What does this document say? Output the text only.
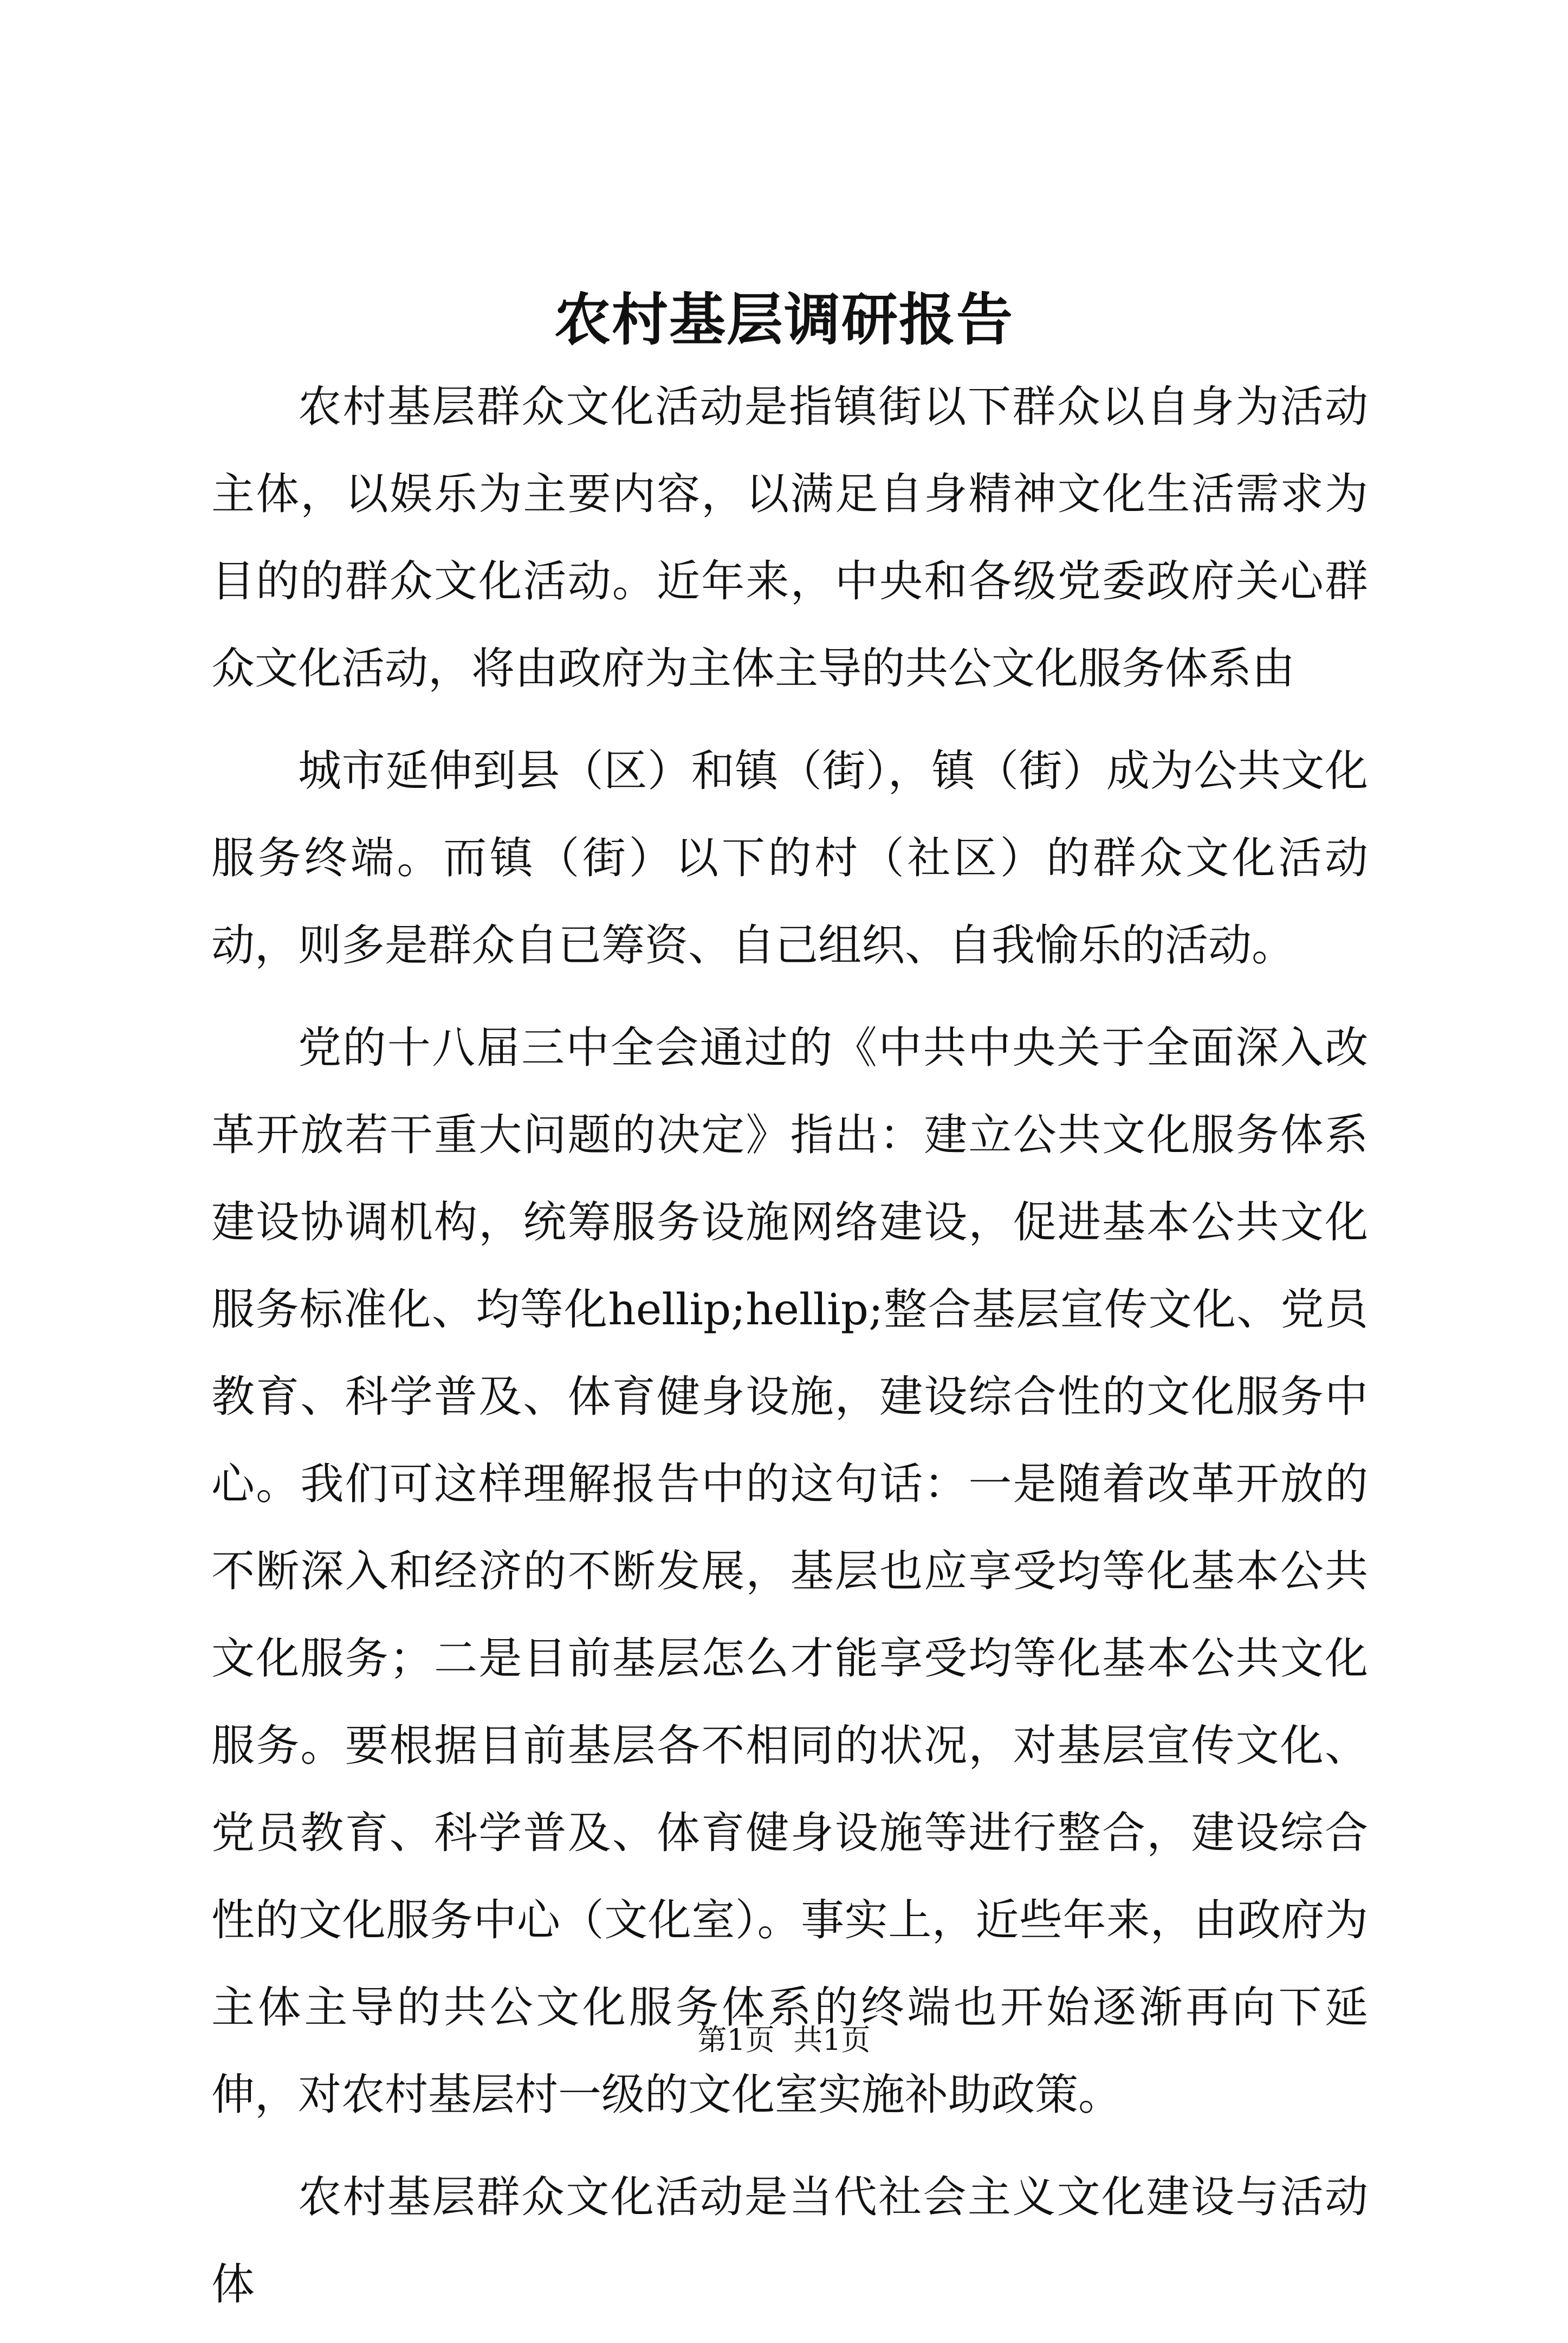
农村基层调研报告

农村基层群众文化活动是指镇街以下群众以自身为活动主体，以娱乐为主要内容，以满足自身精神文化生活需求为目的的群众文化活动。近年来，中央和各级党委政府关心群众文化活动，将由政府为主体主导的共公文化服务体系由

城市延伸到县（区）和镇（街），镇（街）成为公共文化服务终端。而镇（街）以下的村（社区）的群众文化活动动，则多是群众自已筹资、自己组织、自我愉乐的活动。

党的十八届三中全会通过的《中共中央关于全面深入改革开放若干重大问题的决定》指出：建立公共文化服务体系建设协调机构，统筹服务设施网络建设，促进基本公共文化服务标准化、均等化hellip;hellip;整合基层宣传文化、党员教育、科学普及、体育健身设施，建设综合性的文化服务中心。我们可这样理解报告中的这句话：一是随着改革开放的不断深入和经济的不断发展，基层也应享受均等化基本公共文化服务；二是目前基层怎么才能享受均等化基本公共文化服务。要根据目前基层各不相同的状况，对基层宣传文化、党员教育、科学普及、体育健身设施等进行整合，建设综合性的文化服务中心（文化室）。事实上，近些年来，由政府为主体主导的共公文化服务体系的终端也开始逐渐再向下延伸，对农村基层村一级的文化室实施补助政策。

农村基层群众文化活动是当代社会主义文化建设与活动体

第1页  共1页
